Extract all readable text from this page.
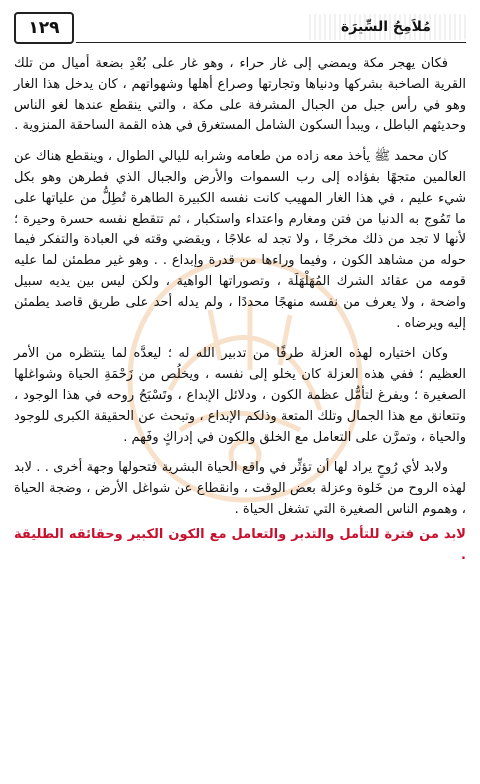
١٢٩	مُلاَمِحُ السِّيرَة

فكان يهجر مكة ويمضي إلى غار حراء ، وهو غار على بُعْدِ بضعة أميال من تلك القرية الصاخبة بشركها ودنياها وتجارتها وصراع أهلها وشهواتهم ، كان يدخل هذا الغار وهو في رأس جبل من الجبال المشرفة على مكة ، والتي ينقطع عندها لغو الناس وحديثهم الباطل ، ويبدأ السكون الشامل المستغرق في هذه القمة الساحقة المنزوية .

كان محمد ﷺ يأخذ معه زاده من طعامه وشرابه لليالي الطوال ، وينقطع هناك عن العالمين متجهًا بفؤاده إلى رب السموات والأرض والجبال الذي فطرهن وهو بكل شيء عليم ، في هذا الغار المهيب كانت نفسه الكبيرة الطاهرة تُطِلُّ من علياتها على ما تَمُوج به الدنيا من فتن ومغارم واعتداء واستكبار ، ثم تتقطع نفسه حسرة وحيرة ؛ لأنها لا تجد من ذلك مخرجًا ، ولا تجد له علاجًا ، ويقضي وقته في العبادة والتفكر فيما حوله من مشاهد الكون ، وفيما وراءها من قدرة وإبداع . . وهو غير مطمئن لما عليه قومه من عقائد الشرك المُهَلْهَلَة ، وتصوراتها الواهية ، ولكن ليس بين يديه سبيل واضحة ، ولا يعرف من نفسه منهجًا محددًا ، ولم يدله أحد على طريق قاصد يطمئن إليه ويرضاه .

وكان اختياره لهذه العزلة طرفًا من تدبير الله له ؛ ليعدَّه لما ينتظره من الأمر العظيم ؛ ففي هذه العزلة كان يخلو إلى نفسه ، ويخلُص من زَحْمَةِ الحياة وشواغلها الصغيرة ؛ ويفرغ لتأمُّل عظمة الكون ، ودلائل الإبداع ، وتَسْبَحُ روحه في هذا الوجود ، وتتعانق مع هذا الجمال وتلك المتعة وذلكم الإبداع ، وتبحث عن الحقيقة الكبرى للوجود والحياة ، وتمرَّن على التعامل مع الخلق والكون في إدراكٍ وفَهم .

ولابد لأي رُوحٍ يراد لها أن تؤثِّر في واقع الحياة البشرية فتحولها وجهة أخرى . . لابد لهذه الروح من خَلوة وعزلة بعض الوقت ، وانقطاع عن شواغل الأرض ، وضجة الحياة ، وهموم الناس الصغيرة التي تشغل الحياة .

لابد من فترة للتأمل والتدبر والتعامل مع الكون الكبير وحقائقه الطليقة .
